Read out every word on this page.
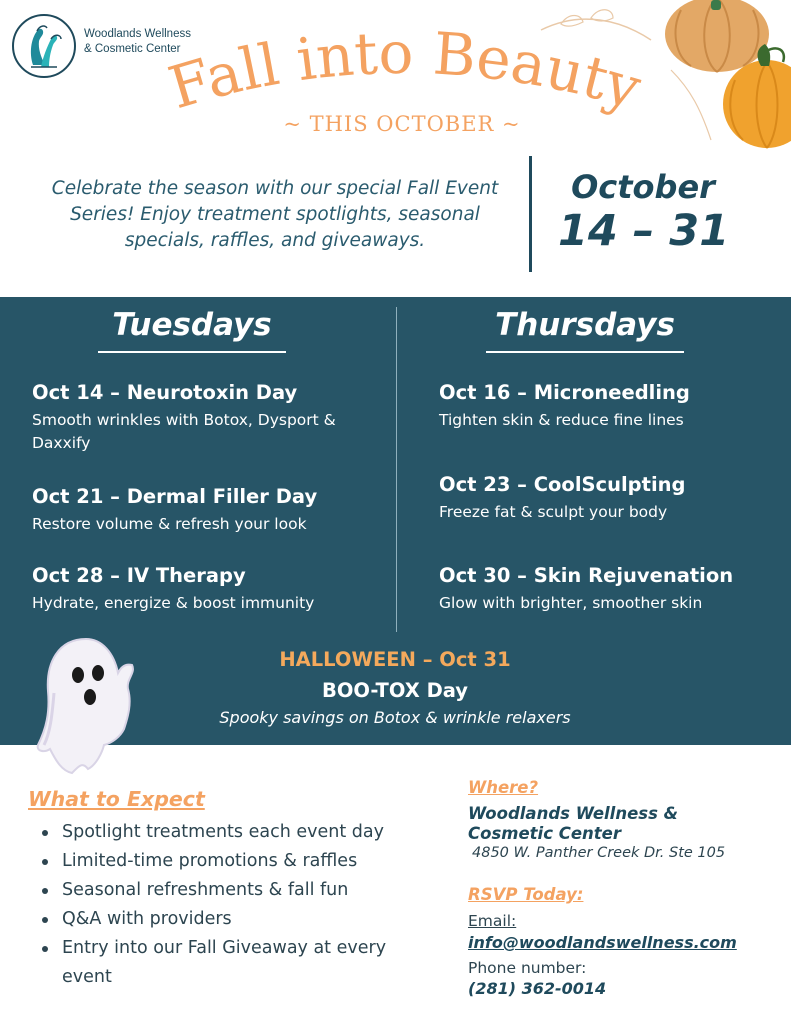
Woodlands Wellness
& Cosmetic Center
Fall into Beauty
~ THIS OCTOBER ~
Celebrate the season with our special Fall Event Series! Enjoy treatment spotlights, seasonal specials, raffles, and giveaways.
October
14 – 31
Tuesdays	Thursdays
Oct 14 – Neurotoxin Day
Smooth wrinkles with Botox, Dysport & Daxxify
Oct 21 – Dermal Filler Day
Restore volume & refresh your look
Oct 28 – IV Therapy
Hydrate, energize & boost immunity
Oct 16 – Microneedling
Tighten skin & reduce fine lines
Oct 23 – CoolSculpting
Freeze fat & sculpt your body
Oct 30 – Skin Rejuvenation
Glow with brighter, smoother skin
HALLOWEEN – Oct 31
BOO-TOX Day
Spooky savings on Botox & wrinkle relaxers
What to Expect
Spotlight treatments each event day
Limited-time promotions & raffles
Seasonal refreshments & fall fun
Q&A with providers
Entry into our Fall Giveaway at every event
Where?
Woodlands Wellness &
Cosmetic Center
4850 W. Panther Creek Dr. Ste 105
RSVP Today:
Email:
info@woodlandswellness.com
Phone number:
(281) 362-0014
